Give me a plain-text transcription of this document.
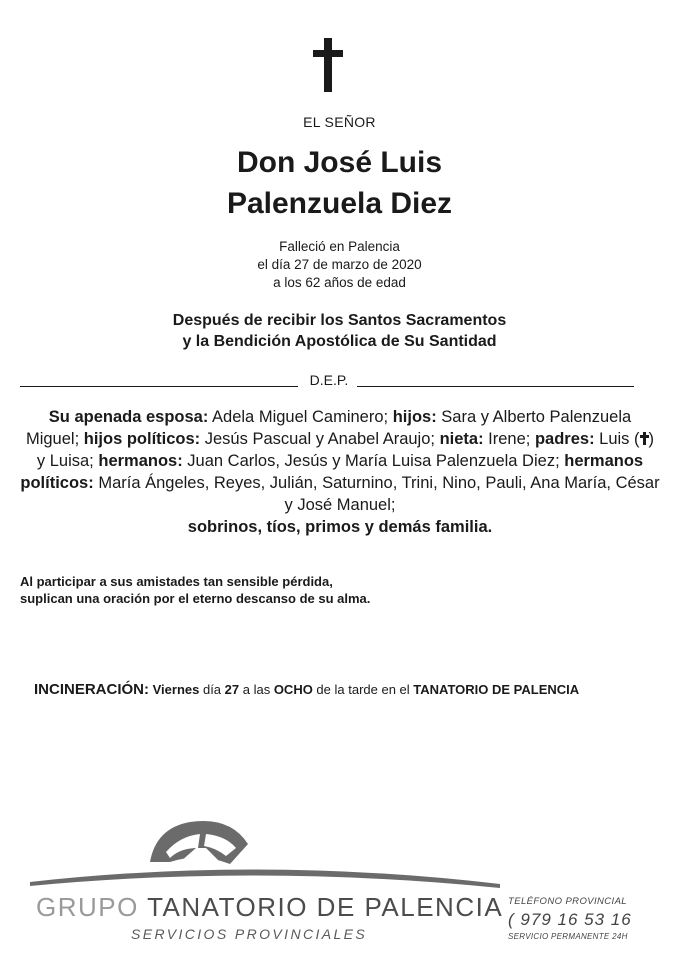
EL SEÑOR
Don José Luis
Palenzuela Diez
Falleció en Palencia
el día 27 de marzo de 2020
a los 62 años de edad
Después de recibir los Santos Sacramentos
y la Bendición Apostólica de Su Santidad
D.E.P.
Su apenada esposa: Adela Miguel Caminero; hijos: Sara y Alberto Palenzuela Miguel; hijos políticos: Jesús Pascual y Anabel Araujo; nieta: Irene; padres: Luis ( ) y Luisa; hermanos: Juan Carlos, Jesús y María Luisa Palenzuela Diez; hermanos políticos: María Ángeles, Reyes, Julián, Saturnino, Trini, Nino, Pauli, Ana María, César y José Manuel;
sobrinos, tíos, primos y demás familia.
Al participar a sus amistades tan sensible pérdida,
suplican una oración por el eterno descanso de su alma.
INCINERACIÓN: Viernes día 27 a las OCHO de la tarde en el TANATORIO DE PALENCIA
GRUPO TANATORIO DE PALENCIA
SERVICIOS PROVINCIALES
TELÉFONO PROVINCIAL
( 979 16 53 16
SERVICIO PERMANENTE 24H
